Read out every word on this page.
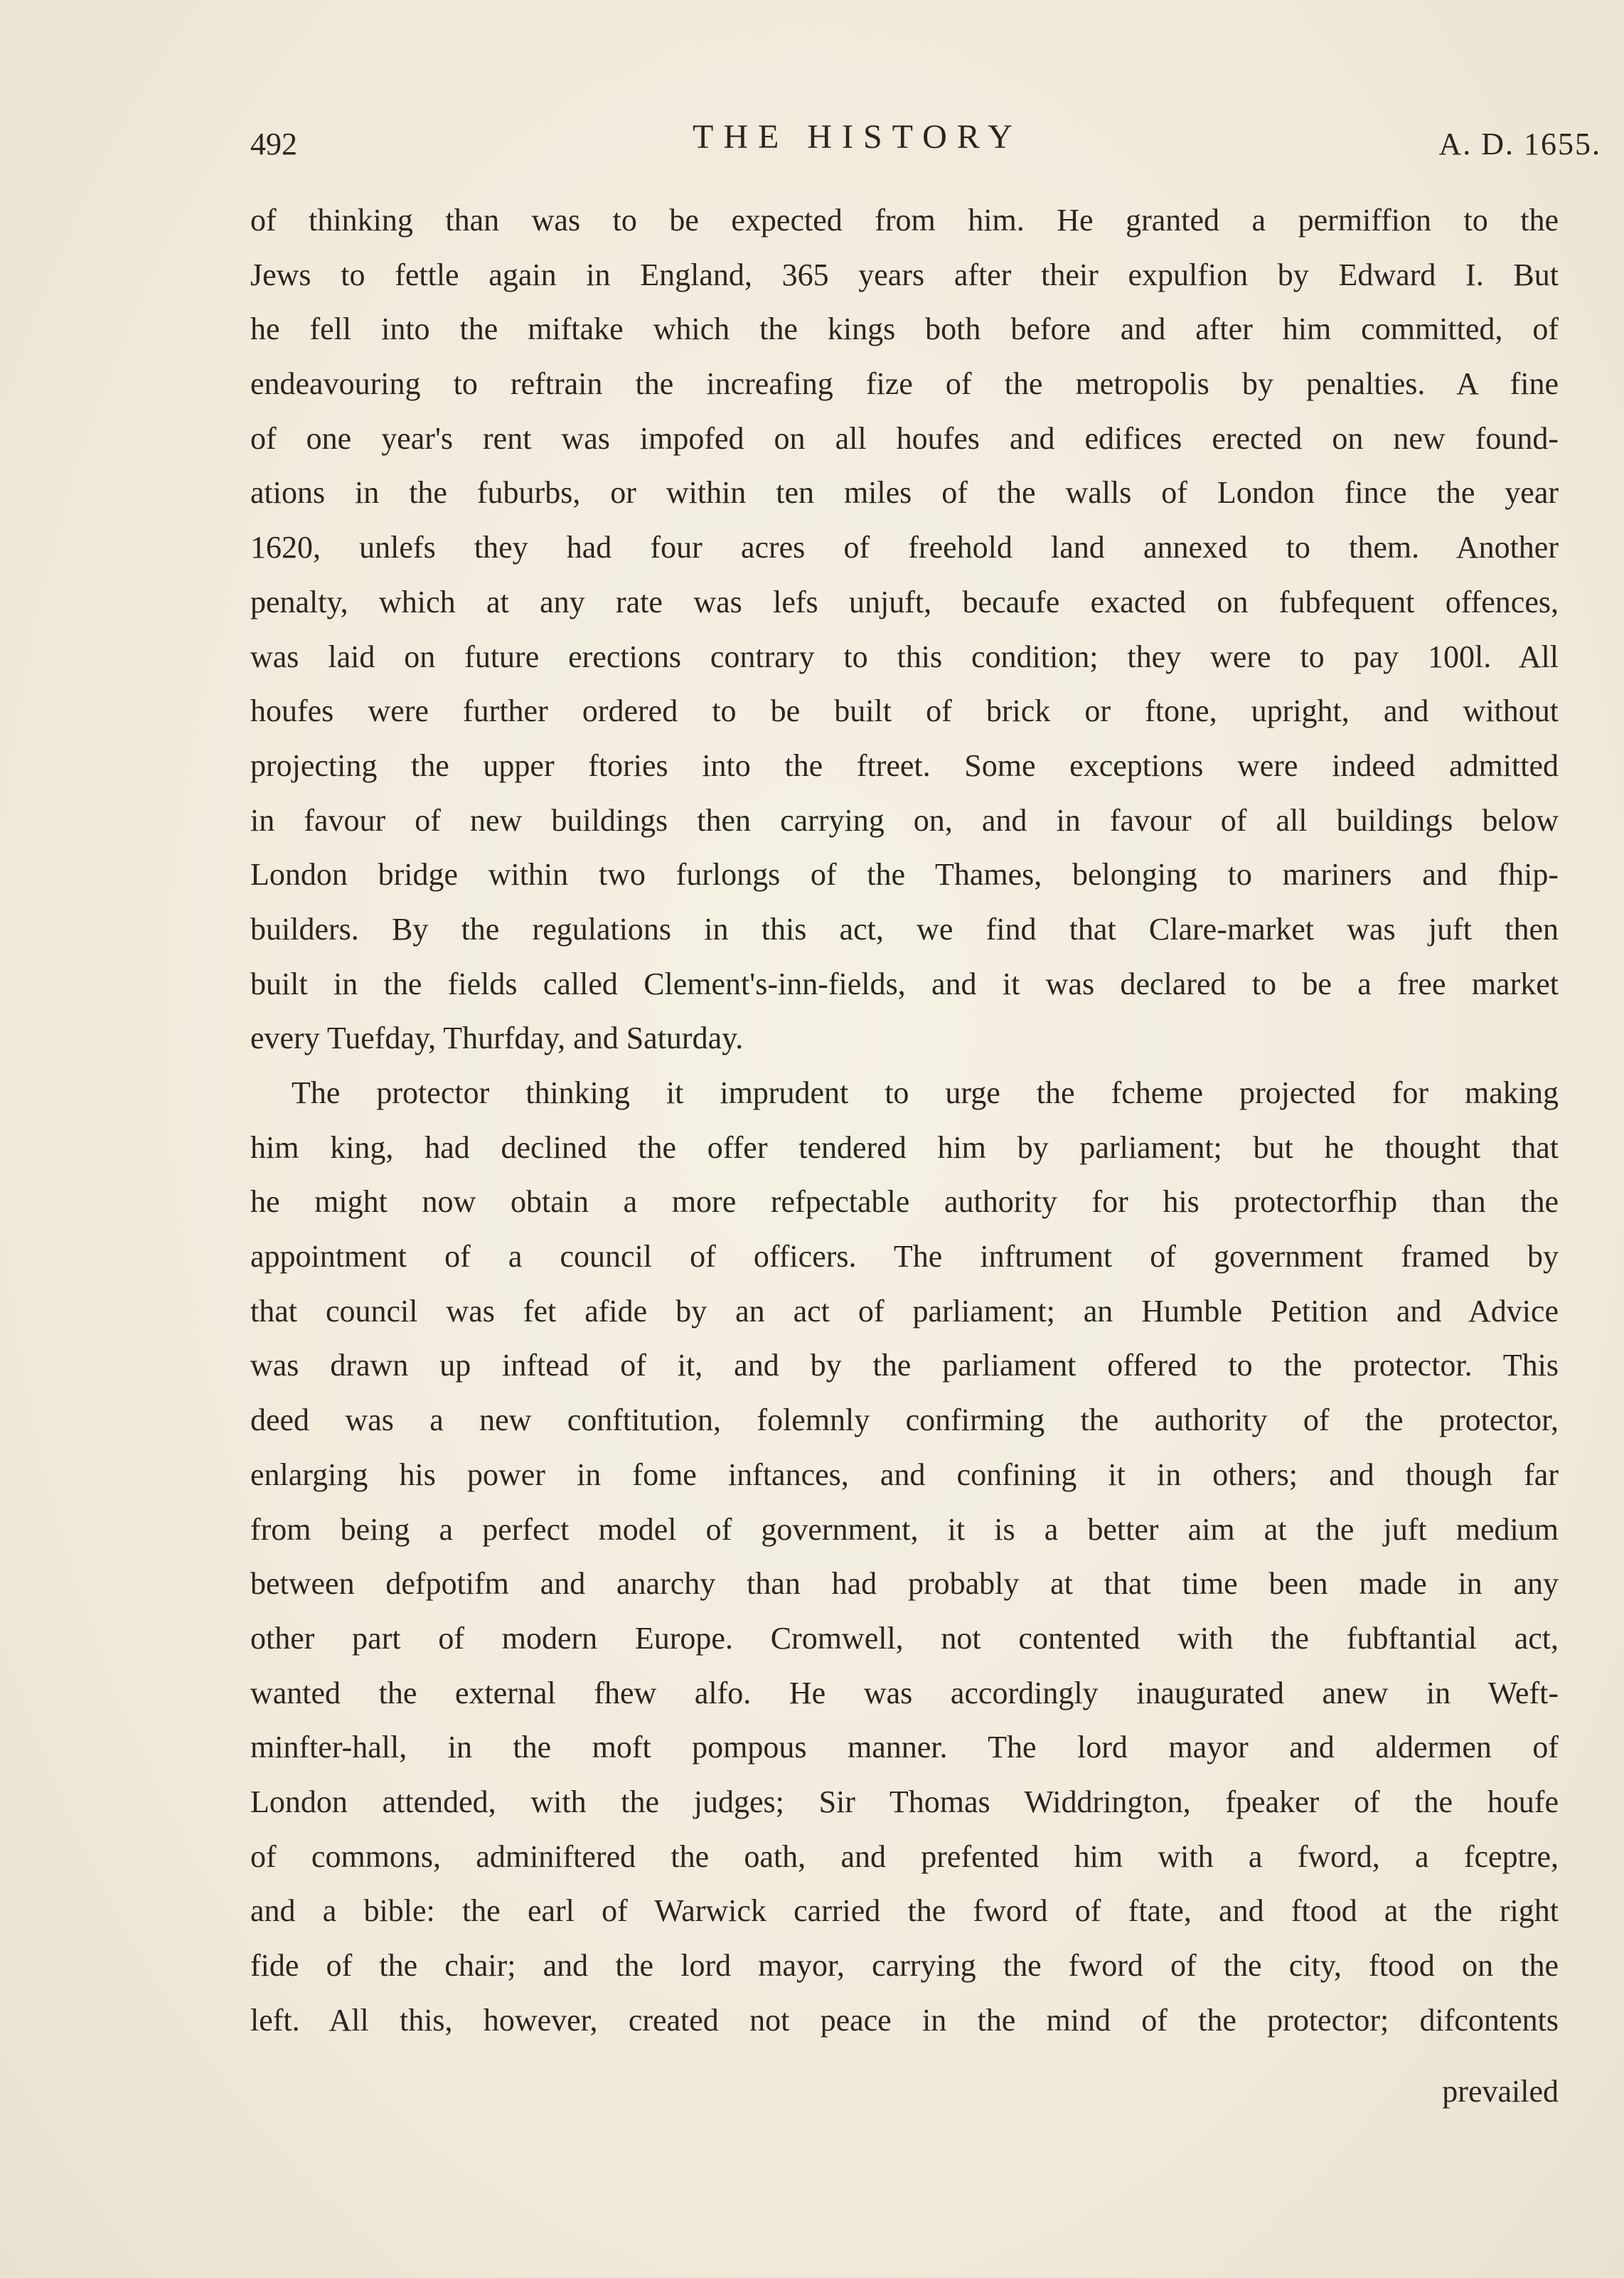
492	THE HISTORY	A. D. 1655.
of thinking than was to be expected from him. He granted a permiffion to the
Jews to fettle again in England, 365 years after their expulfion by Edward I. But
he fell into the miftake which the kings both before and after him committed, of
endeavouring to reftrain the increafing fize of the metropolis by penalties. A fine
of one year's rent was impofed on all houfes and edifices erected on new found-
ations in the fuburbs, or within ten miles of the walls of London fince the year
1620, unlefs they had four acres of freehold land annexed to them. Another
penalty, which at any rate was lefs unjuft, becaufe exacted on fubfequent offences,
was laid on future erections contrary to this condition; they were to pay 100l. All
houfes were further ordered to be built of brick or ftone, upright, and without
projecting the upper ftories into the ftreet. Some exceptions were indeed admitted
in favour of new buildings then carrying on, and in favour of all buildings below
London bridge within two furlongs of the Thames, belonging to mariners and fhip-
builders. By the regulations in this act, we find that Clare-market was juft then
built in the fields called Clement's-inn-fields, and it was declared to be a free market
every Tuefday, Thurfday, and Saturday.
The protector thinking it imprudent to urge the fcheme projected for making
him king, had declined the offer tendered him by parliament; but he thought that
he might now obtain a more refpectable authority for his protectorfhip than the
appointment of a council of officers. The inftrument of government framed by
that council was fet afide by an act of parliament; an Humble Petition and Advice
was drawn up inftead of it, and by the parliament offered to the protector. This
deed was a new conftitution, folemnly confirming the authority of the protector,
enlarging his power in fome inftances, and confining it in others; and though far
from being a perfect model of government, it is a better aim at the juft medium
between defpotifm and anarchy than had probably at that time been made in any
other part of modern Europe. Cromwell, not contented with the fubftantial act,
wanted the external fhew alfo. He was accordingly inaugurated anew in Weft-
minfter-hall, in the moft pompous manner. The lord mayor and aldermen of
London attended, with the judges; Sir Thomas Widdrington, fpeaker of the houfe
of commons, adminiftered the oath, and prefented him with a fword, a fceptre,
and a bible: the earl of Warwick carried the fword of ftate, and ftood at the right
fide of the chair; and the lord mayor, carrying the fword of the city, ftood on the
left. All this, however, created not peace in the mind of the protector; difcontents
prevailed
